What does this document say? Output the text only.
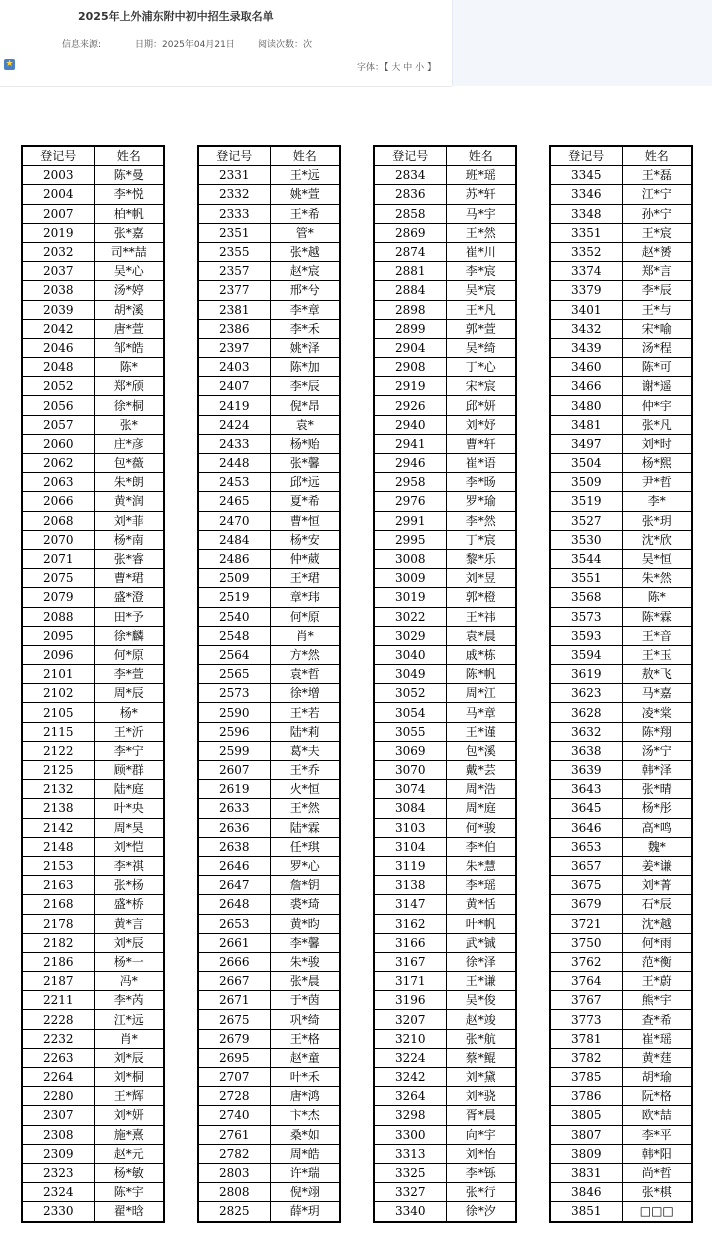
2025年上外浦东附中初中招生录取名单
信息来源:	日期：2025年04月21日	阅读次数：次
★	字体：【 大 中 小 】
登记号	姓名
2003	陈*曼
2004	李*悦
2007	柏*帆
2019	张*嘉
2032	司**喆
2037	吴*心
2038	汤*婷
2039	胡*溪
2042	唐*萱
2046	邹*皓
2048	陈*
2052	郑*颀
2056	徐*桐
2057	张*
2060	庄*彦
2062	包*薇
2063	朱*朗
2066	黄*润
2068	刘*菲
2070	杨*南
2071	张*睿
2075	曹*珺
2079	盛*澄
2088	田*予
2095	徐*麟
2096	何*原
2101	李*萱
2102	周*辰
2105	杨*
2115	王*沂
2122	李*宁
2125	顾*群
2132	陆*庭
2138	叶*央
2142	周*昊
2148	刘*恺
2153	李*祺
2163	张*杨
2168	盛*桥
2178	黄*言
2182	刘*辰
2186	杨*一
2187	冯*
2211	李*芮
2228	江*远
2232	肖*
2263	刘*辰
2264	刘*桐
2280	王*辉
2307	刘*妍
2308	施*熹
2309	赵*元
2323	杨*敏
2324	陈*宇
2330	翟*晗
登记号	姓名
2331	王*远
2332	姚*萱
2333	王*希
2351	管*
2355	张*越
2357	赵*宸
2377	邢*兮
2381	李*章
2386	李*禾
2397	姚*泽
2403	陈*加
2407	李*辰
2419	倪*昂
2424	袁*
2433	杨*贻
2448	张*馨
2453	邱*远
2465	夏*希
2470	曹*恒
2484	杨*安
2486	仲*葳
2509	王*珺
2519	章*玮
2540	何*原
2548	肖*
2564	方*然
2565	袁*哲
2573	徐*增
2590	王*若
2596	陆*莉
2599	葛*夫
2607	王*乔
2619	火*恒
2633	王*然
2636	陆*霖
2638	任*琪
2646	罗*心
2647	詹*钥
2648	裘*琦
2653	黄*昀
2661	李*馨
2666	朱*骏
2667	张*晨
2671	于*茵
2675	巩*绮
2679	王*格
2695	赵*童
2707	叶*禾
2728	唐*鸿
2740	卞*杰
2761	桑*如
2782	周*皓
2803	许*瑞
2808	倪*翊
2825	薛*玥
登记号	姓名
2834	班*瑶
2836	苏*轩
2858	马*宇
2869	王*然
2874	崔*川
2881	李*宸
2884	吴*宸
2898	王*凡
2899	郭*萱
2904	吴*绮
2908	丁*心
2919	宋*宸
2926	邱*妍
2940	刘*妤
2941	曹*轩
2946	崔*语
2958	李*旸
2976	罗*瑜
2991	李*然
2995	丁*宸
3008	黎*乐
3009	刘*昱
3019	郭*橙
3022	王*祎
3029	袁*晨
3040	戚*栋
3049	陈*帆
3052	周*江
3054	马*章
3055	王*谨
3069	包*溪
3070	戴*芸
3074	周*浩
3084	周*庭
3103	何*骏
3104	李*伯
3119	朱*慧
3138	李*瑶
3147	黄*恬
3162	叶*帆
3166	武*铖
3167	徐*泽
3171	王*谦
3196	吴*俊
3207	赵*竣
3210	张*航
3224	蔡*鲲
3242	刘*黛
3264	刘*骁
3298	胥*晨
3300	向*宇
3313	刘*怡
3325	李*铄
3327	张*行
3340	徐*汐
登记号	姓名
3345	王*磊
3346	江*宁
3348	孙*宁
3351	王*宸
3352	赵*赟
3374	郑*言
3379	李*辰
3401	王*与
3432	宋*喻
3439	汤*程
3460	陈*可
3466	谢*遥
3480	仲*宇
3481	张*凡
3497	刘*时
3504	杨*熙
3509	尹*哲
3519	李*
3527	张*玥
3530	沈*欣
3544	吴*恒
3551	朱*然
3568	陈*
3573	陈*霖
3593	王*音
3594	王*玉
3619	敖*飞
3623	马*嘉
3628	凌*棠
3632	陈*翔
3638	汤*宁
3639	韩*泽
3643	张*晴
3645	杨*彤
3646	高*鸣
3653	魏*
3657	姜*谦
3675	刘*菁
3679	石*辰
3721	沈*越
3750	何*雨
3762	范*衡
3764	王*蔚
3767	熊*宇
3773	查*希
3781	崔*瑶
3782	黄*莛
3785	胡*瑜
3786	阮*格
3805	欧*喆
3807	李*平
3809	韩*阳
3831	尚*哲
3846	张*棋
3851	□□□
